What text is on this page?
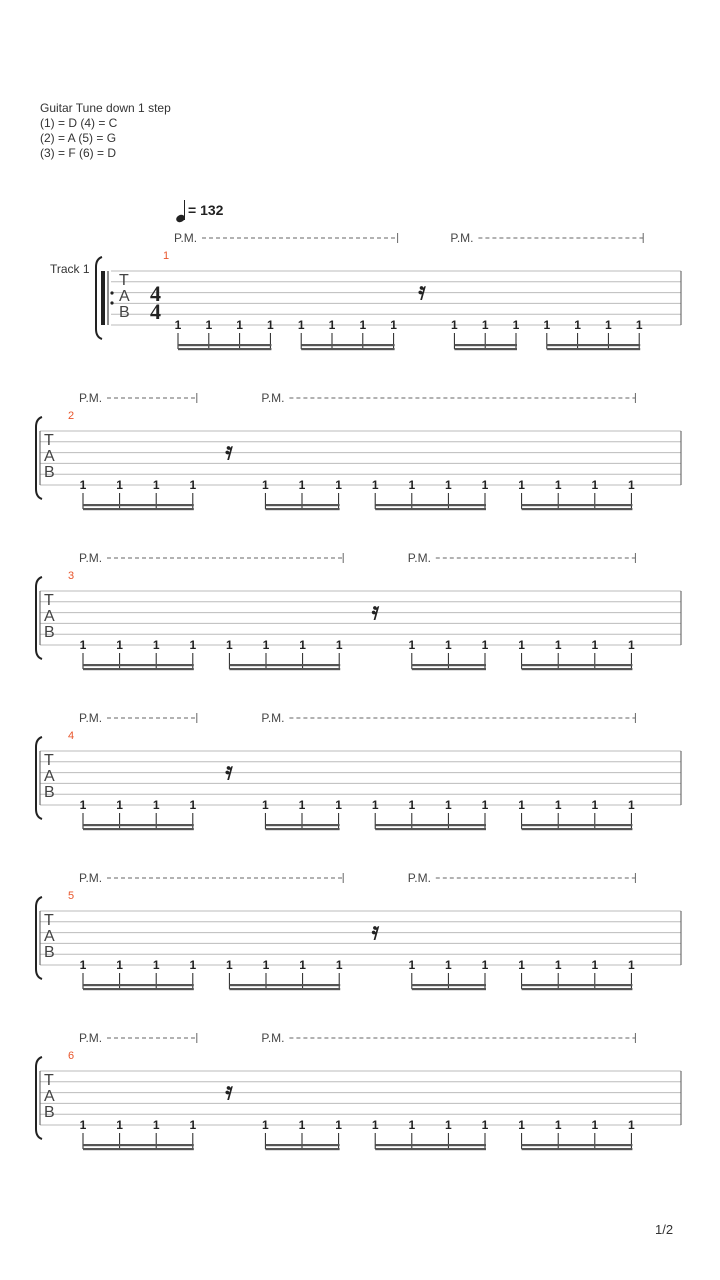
Guitar Tune down 1 step
(1) = D (4) = C
(2) = A (5) = G
(3) = F (6) = D
= 132
Track 1
T
A
B
4
4
1
1 1 1 1 1 1 1 1
𝄿
1 1 1 1 1 1 1
P.M.	P.M.
T
A
B
2
1 1 1 1
𝄿
1 1 1 1 1 1 1 1 1 1 1
P.M.	P.M.
T
A
B
3
1 1 1 1 1 1 1 1
𝄿
1 1 1 1 1 1 1
P.M.	P.M.
T
A
B
4
1 1 1 1
𝄿
1 1 1 1 1 1 1 1 1 1 1
P.M.	P.M.
T
A
B
5
1 1 1 1 1 1 1 1
𝄿
1 1 1 1 1 1 1
P.M.	P.M.
T
A
B
6
1 1 1 1
𝄿
1 1 1 1 1 1 1 1 1 1 1
P.M.	P.M.
1/2
